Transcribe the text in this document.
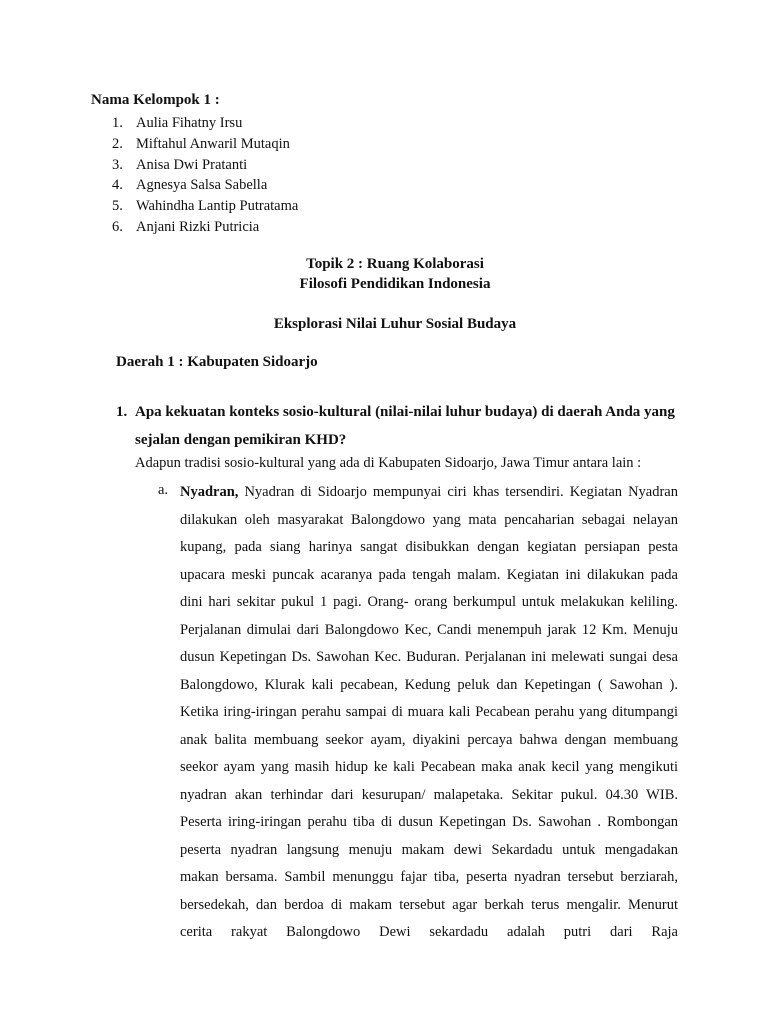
Nama Kelompok 1 :
1. Aulia Fihatny Irsu
2. Miftahul Anwaril Mutaqin
3. Anisa Dwi Pratanti
4. Agnesya Salsa Sabella
5. Wahindha Lantip Putratama
6. Anjani Rizki Putricia
Topik 2 : Ruang Kolaborasi
Filosofi Pendidikan Indonesia
Eksplorasi Nilai Luhur Sosial Budaya
Daerah 1 : Kabupaten Sidoarjo
1. Apa kekuatan konteks sosio-kultural (nilai-nilai luhur budaya) di daerah Anda yang
sejalan dengan pemikiran KHD?
Adapun tradisi sosio-kultural yang ada di Kabupaten Sidoarjo, Jawa Timur antara lain :
a. Nyadran, Nyadran di Sidoarjo mempunyai ciri khas tersendiri. Kegiatan Nyadran
dilakukan oleh masyarakat Balongdowo yang mata pencaharian sebagai nelayan
kupang, pada siang harinya sangat disibukkan dengan kegiatan persiapan pesta
upacara meski puncak acaranya pada tengah malam. Kegiatan ini dilakukan pada
dini hari sekitar pukul 1 pagi. Orang- orang berkumpul untuk melakukan keliling.
Perjalanan dimulai dari Balongdowo Kec, Candi menempuh jarak 12 Km. Menuju
dusun Kepetingan Ds. Sawohan Kec. Buduran. Perjalanan ini melewati sungai desa
Balongdowo, Klurak kali pecabean, Kedung peluk dan Kepetingan ( Sawohan ).
Ketika iring-iringan perahu sampai di muara kali Pecabean perahu yang ditumpangi
anak balita membuang seekor ayam, diyakini percaya bahwa dengan membuang
seekor ayam yang masih hidup ke kali Pecabean maka anak kecil yang mengikuti
nyadran akan terhindar dari kesurupan/ malapetaka. Sekitar pukul. 04.30 WIB.
Peserta iring-iringan perahu tiba di dusun Kepetingan Ds. Sawohan . Rombongan
peserta nyadran langsung menuju makam dewi Sekardadu untuk mengadakan
makan bersama. Sambil menunggu fajar tiba, peserta nyadran tersebut berziarah,
bersedekah, dan berdoa di makam tersebut agar berkah terus mengalir. Menurut
cerita rakyat Balongdowo Dewi sekardadu adalah putri dari Raja
